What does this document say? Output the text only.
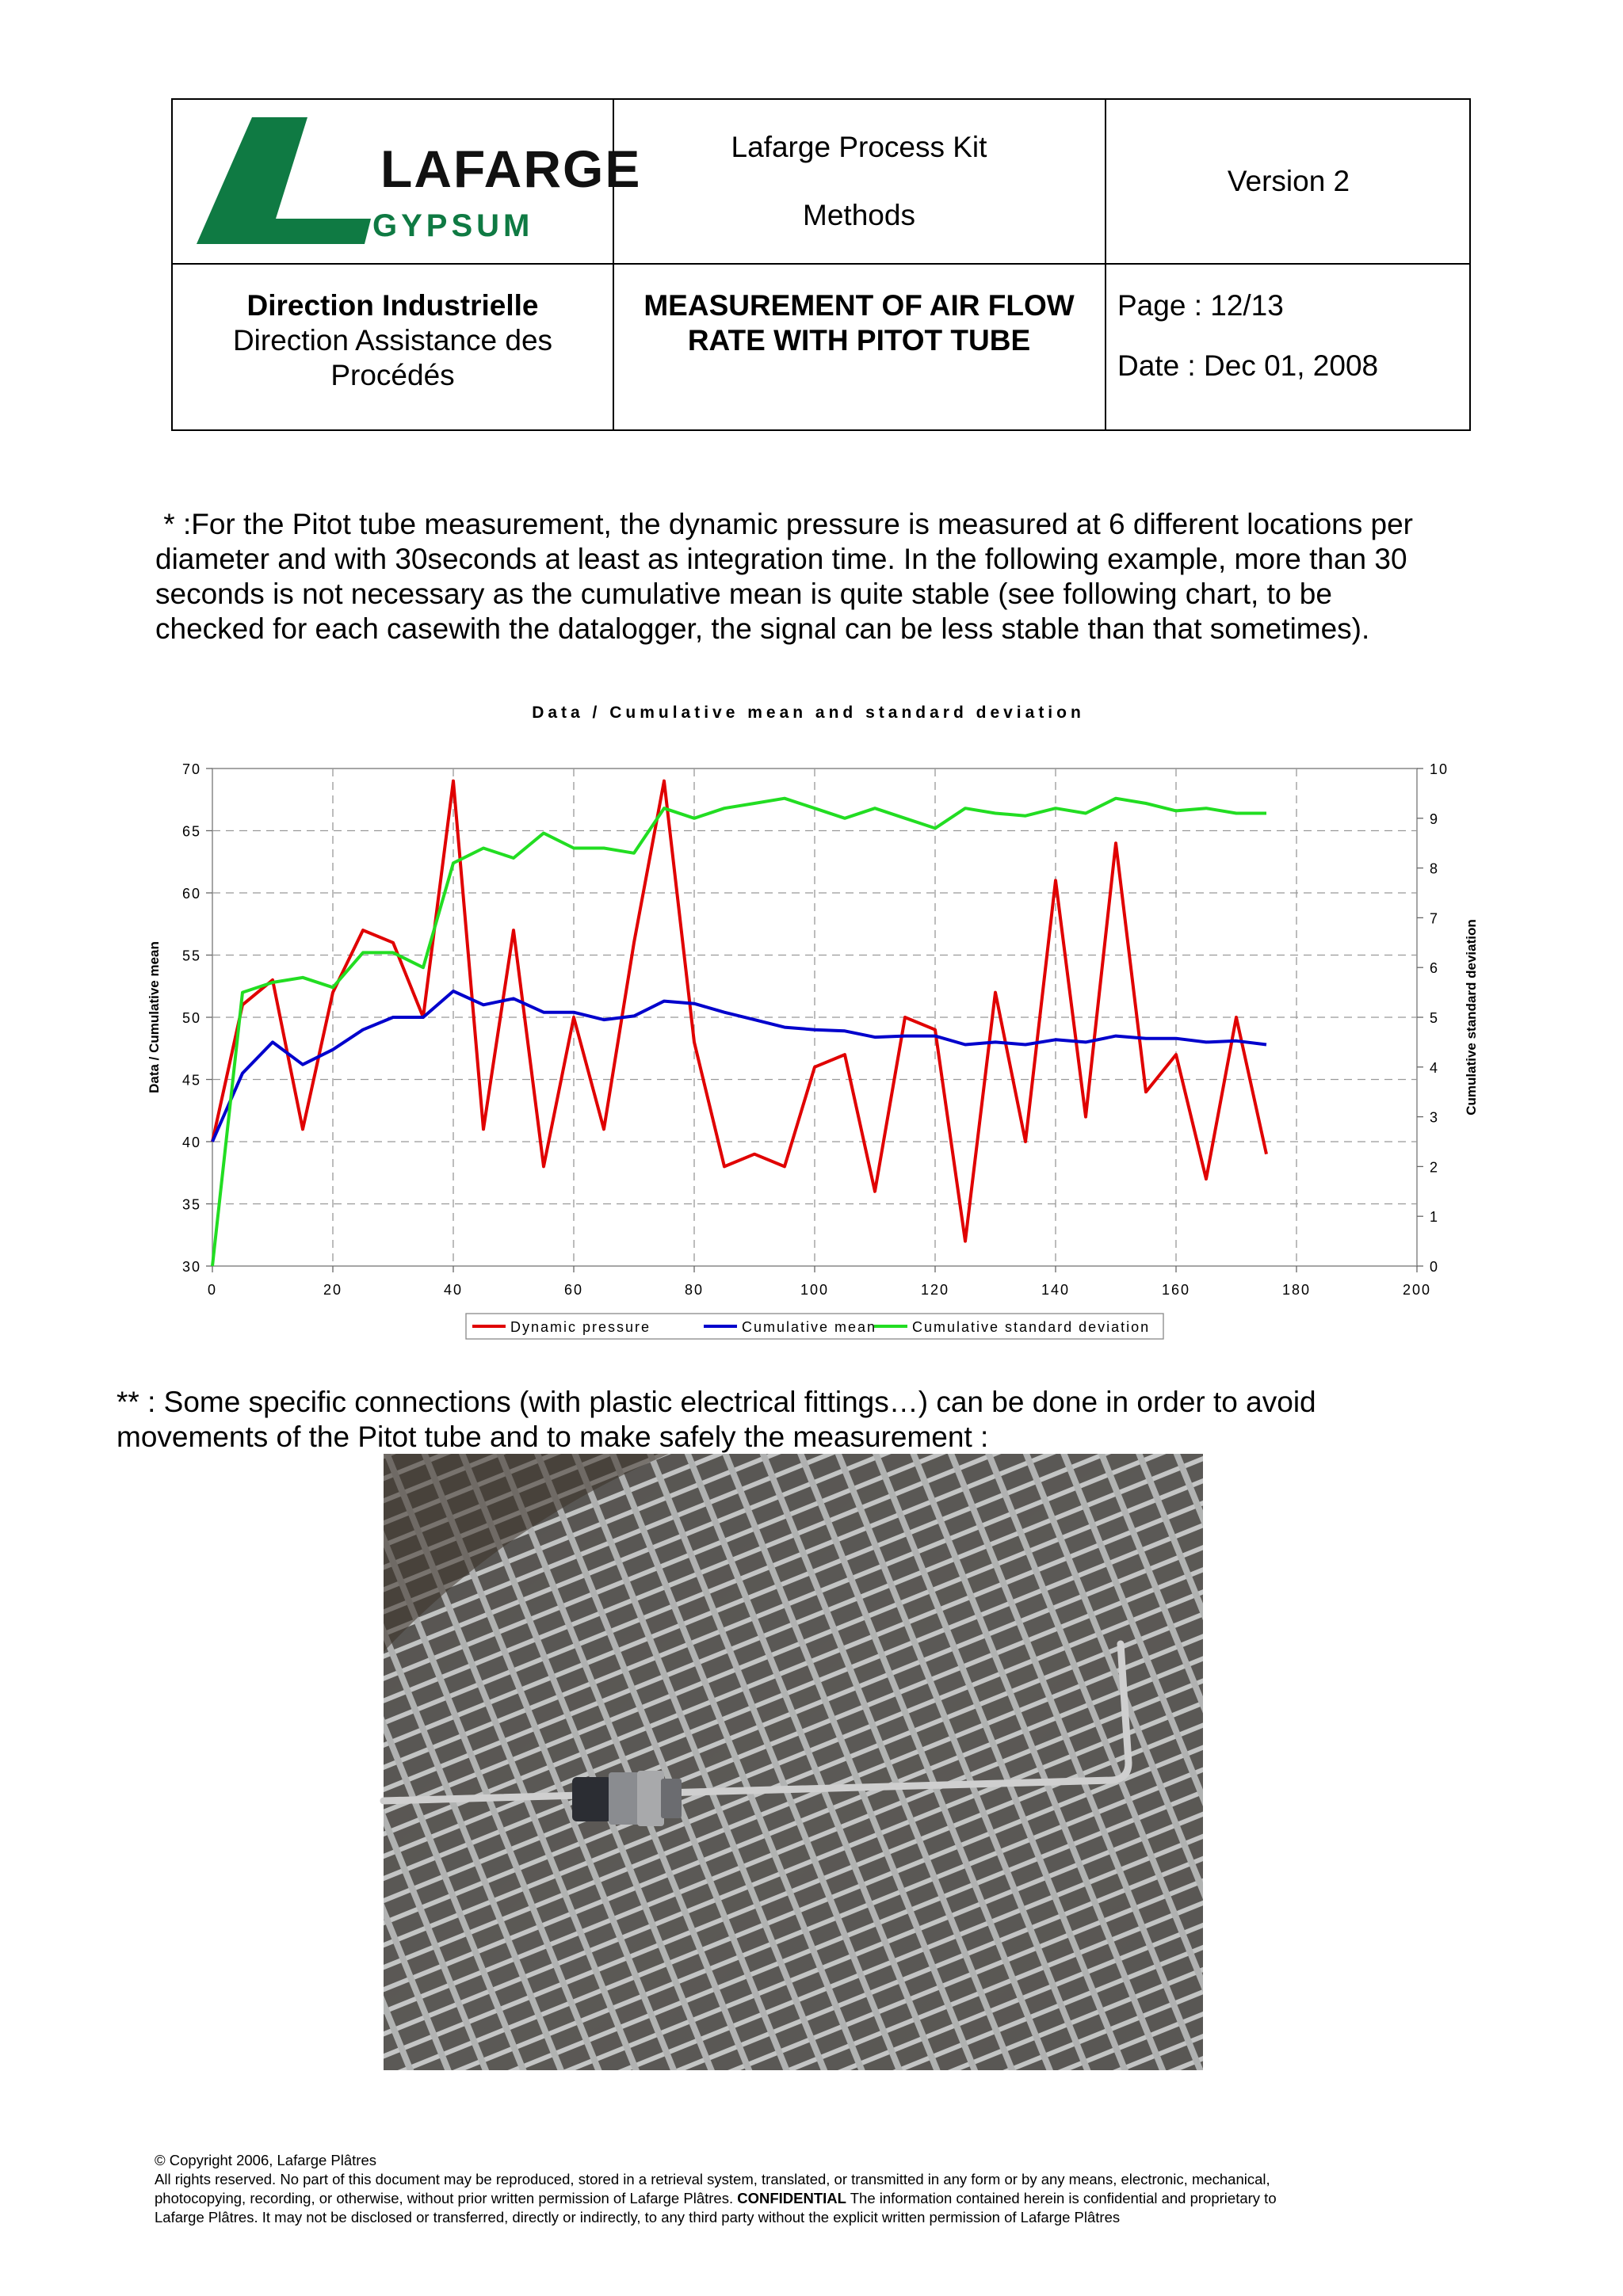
LAFARGE
GYPSUM
Lafarge Process Kit
Methods
Version 2
Direction Industrielle
Direction Assistance des
Procédés
MEASUREMENT OF AIR FLOW
RATE WITH PITOT TUBE
Page : 12/13
Date : Dec 01, 2008
* :For the Pitot tube measurement, the dynamic pressure is measured at 6 different locations per
diameter and with 30seconds at least as integration time. In the following example, more than 30
seconds is not necessary as the cumulative mean is quite stable (see following chart, to be
checked for each casewith the datalogger, the signal can be less stable than that sometimes).
Data / Cumulative mean and standard deviation
30
35
40
45
50
55
60
65
70
0	20	40	60	80	100	120	140	160	180	200
0
1
2
3
4
5
6
7
8
9
10
Data / Cumulative mean	Cumulative standard deviation
Dynamic pressure	Cumulative mean Cumulative standard deviation
** : Some specific connections (with plastic electrical fittings…) can be done in order to avoid
movements of the Pitot tube and to make safely the measurement :
© Copyright 2006, Lafarge Plâtres
All rights reserved. No part of this document may be reproduced, stored in a retrieval system, translated, or transmitted in any form or by any means, electronic, mechanical,
photocopying, recording, or otherwise, without prior written permission of Lafarge Plâtres. CONFIDENTIAL The information contained herein is confidential and proprietary to
Lafarge Plâtres. It may not be disclosed or transferred, directly or indirectly, to any third party without the explicit written permission of Lafarge Plâtres
